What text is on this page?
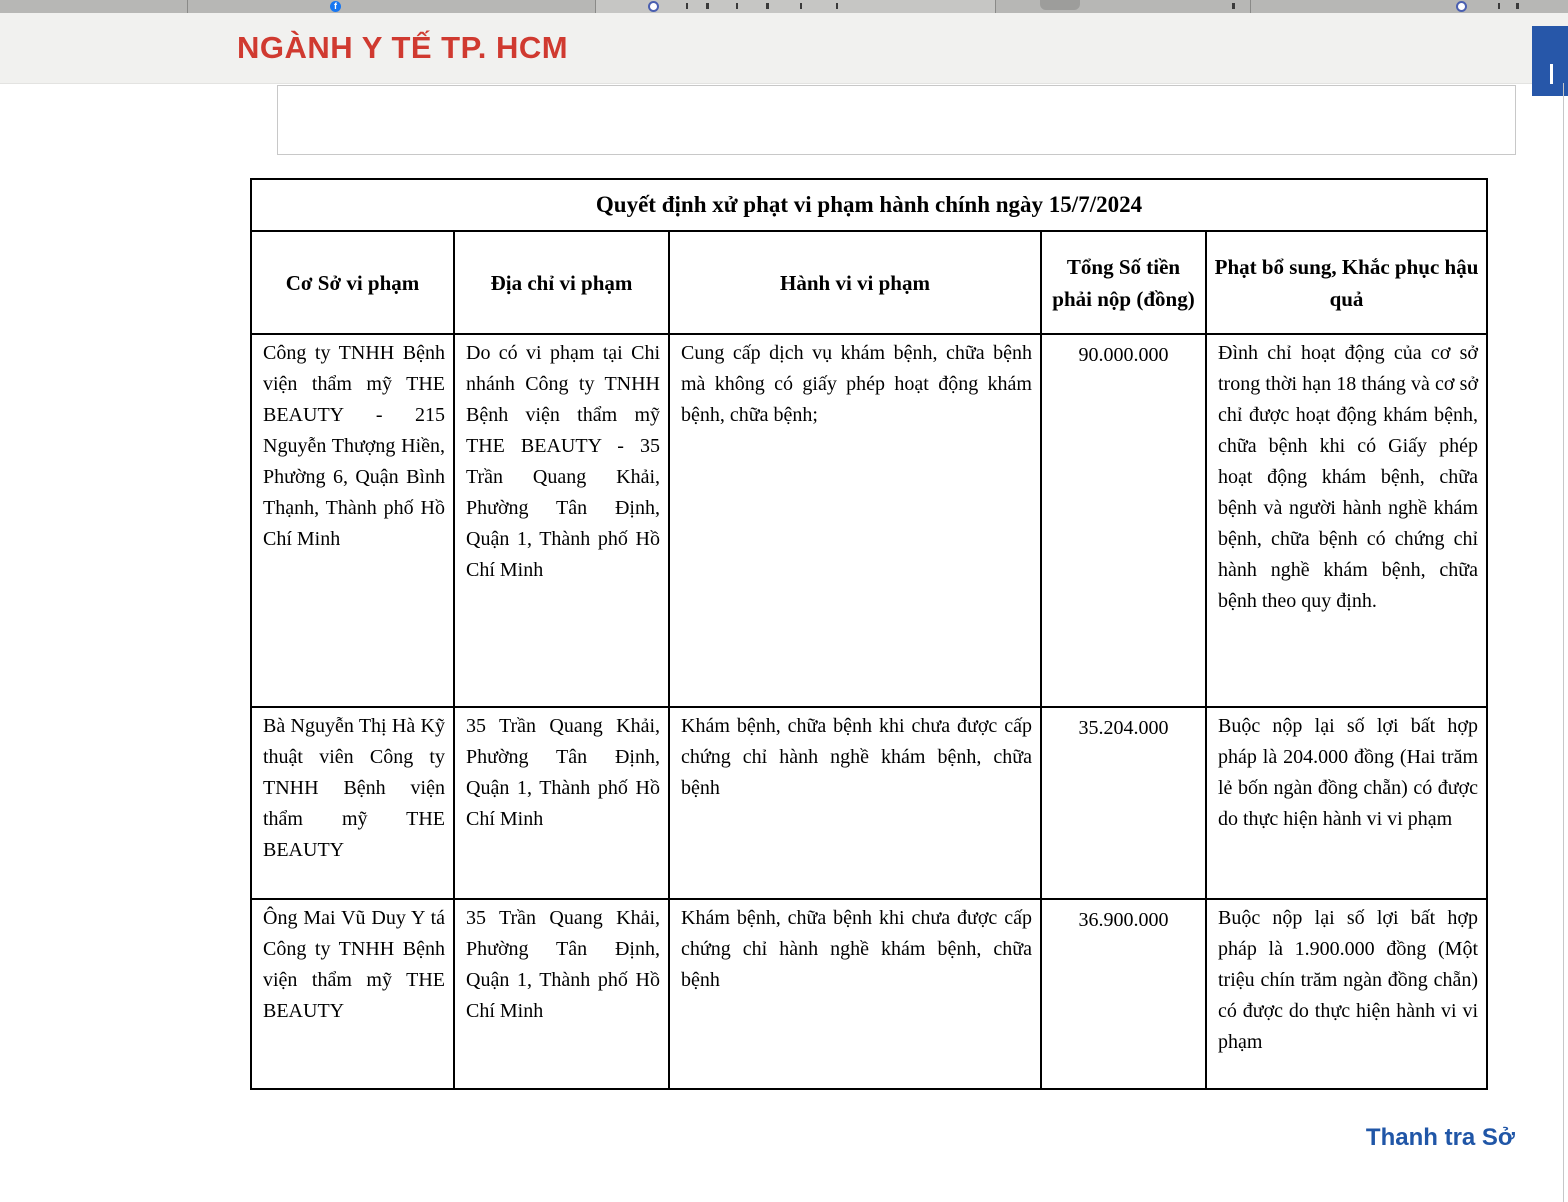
f
NGÀNH Y TẾ TP. HCM
Quyết định xử phạt vi phạm hành chính ngày 15/7/2024				
Cơ Sở vi phạm	Địa chỉ vi phạm	Hành vi vi phạm	Tổng Số tiền phải nộp (đồng)	Phạt bổ sung, Khắc phục hậu quả
Công ty TNHH Bệnh viện thẩm mỹ THE BEAUTY - 215 Nguyễn Thượng Hiền, Phường 6, Quận Bình Thạnh, Thành phố Hồ Chí Minh	Do có vi phạm tại Chi nhánh Công ty TNHH Bệnh viện thẩm mỹ THE BEAUTY - 35 Trần Quang Khải, Phường Tân Định, Quận 1, Thành phố Hồ Chí Minh	Cung cấp dịch vụ khám bệnh, chữa bệnh mà không có giấy phép hoạt động khám bệnh, chữa bệnh;	90.000.000	Đình chỉ hoạt động của cơ sở trong thời hạn 18 tháng và cơ sở chỉ được hoạt động khám bệnh, chữa bệnh khi có Giấy phép hoạt động khám bệnh, chữa bệnh và người hành nghề khám bệnh, chữa bệnh có chứng chỉ hành nghề khám bệnh, chữa bệnh theo quy định.
Bà Nguyễn Thị Hà Kỹ thuật viên Công ty TNHH Bệnh viện thẩm mỹ THE BEAUTY	35 Trần Quang Khải, Phường Tân Định, Quận 1, Thành phố Hồ Chí Minh	Khám bệnh, chữa bệnh khi chưa được cấp chứng chỉ hành nghề khám bệnh, chữa bệnh	35.204.000	Buộc nộp lại số lợi bất hợp pháp là 204.000 đồng (Hai trăm lẻ bốn ngàn đồng chẵn) có được do thực hiện hành vi vi phạm
Ông Mai Vũ Duy Y tá Công ty TNHH Bệnh viện thẩm mỹ THE BEAUTY	35 Trần Quang Khải, Phường Tân Định, Quận 1, Thành phố Hồ Chí Minh	Khám bệnh, chữa bệnh khi chưa được cấp chứng chỉ hành nghề khám bệnh, chữa bệnh	36.900.000	Buộc nộp lại số lợi bất hợp pháp là 1.900.000 đồng (Một triệu chín trăm ngàn đồng chẵn) có được do thực hiện hành vi vi phạm
Thanh tra Sở
